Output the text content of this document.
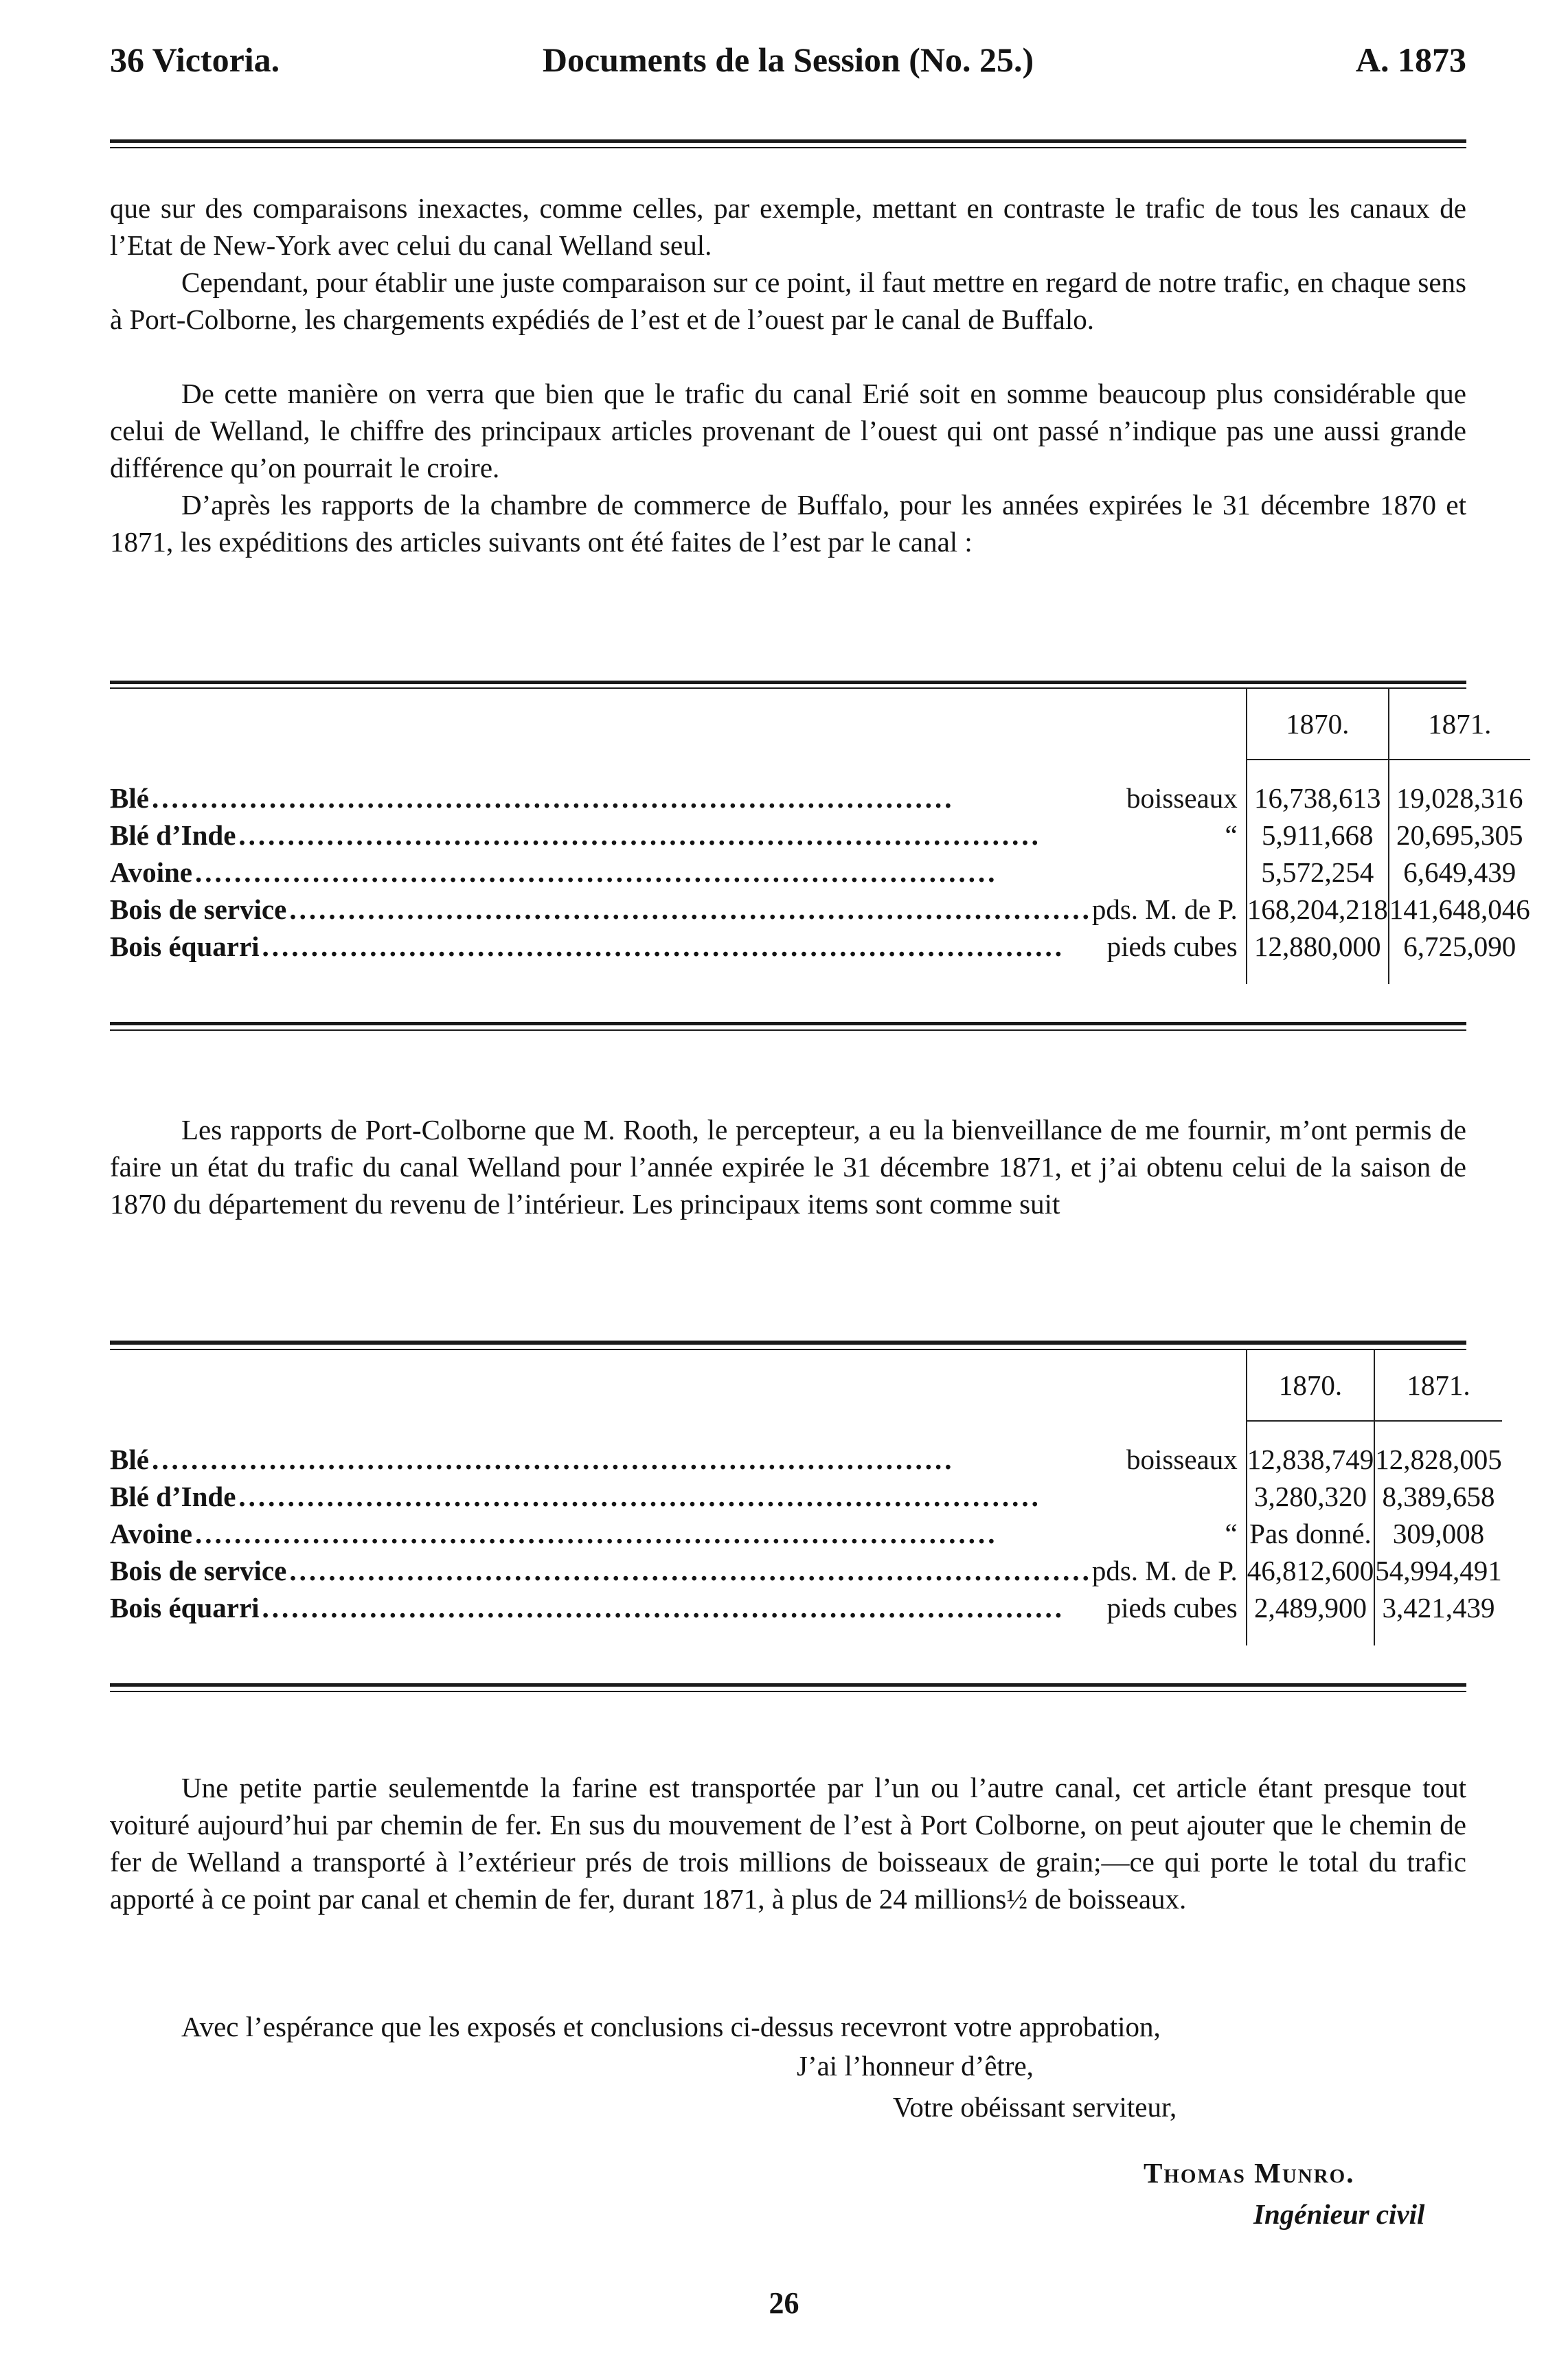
36 Victoria.	Documents de la Session (No. 25.)	A. 1873

que sur des comparaisons inexactes, comme celles, par exemple, mettant en contraste le trafic de tous les canaux de l’Etat de New-York avec celui du canal Welland seul.

Cependant, pour établir une juste comparaison sur ce point, il faut mettre en regard de notre trafic, en chaque sens à Port-Colborne, les chargements expédiés de l’est et de l’ouest par le canal de Buffalo.

De cette manière on verra que bien que le trafic du canal Erié soit en somme beaucoup plus considérable que celui de Welland, le chiffre des principaux articles provenant de l’ouest qui ont passé n’indique pas une aussi grande différence qu’on pourrait le croire.

D’après les rapports de la chambre de commerce de Buffalo, pour les années expirées le 31 décembre 1870 et 1871, les expéditions des articles suivants ont été faites de l’est par le canal :

		1870.	1871.

Blé..................................................................................	boisseaux	16,738,613	19,028,316
Blé d’Inde..................................................................................	“	5,911,668	20,695,305
Avoine..................................................................................		5,572,254	6,649,439
Bois de service..................................................................................	pds. M. de P.	168,204,218	141,648,046
Bois équarri..................................................................................	pieds cubes	12,880,000	6,725,090

Les rapports de Port-Colborne que M. Rooth, le percepteur, a eu la bienveillance de me fournir, m’ont permis de faire un état du trafic du canal Welland pour l’année expirée le 31 décembre 1871, et j’ai obtenu celui de la saison de 1870 du département du revenu de l’intérieur. Les principaux items sont comme suit

		1870.	1871.

Blé..................................................................................	boisseaux	12,838,749	12,828,005
Blé d’Inde..................................................................................		3,280,320	8,389,658
Avoine..................................................................................	“	Pas donné.	309,008
Bois de service..................................................................................	pds. M. de P.	46,812,600	54,994,491
Bois équarri..................................................................................	pieds cubes	2,489,900	3,421,439

Une petite partie seulementde la farine est transportée par l’un ou l’autre canal, cet article étant presque tout voituré aujourd’hui par chemin de fer. En sus du mouvement de l’est à Port Colborne, on peut ajouter que le chemin de fer de Welland a transporté à l’extérieur prés de trois millions de boisseaux de grain;—ce qui porte le total du trafic apporté à ce point par canal et chemin de fer, durant 1871, à plus de 24 millions½ de boisseaux.

Avec l’espérance que les exposés et conclusions ci-dessus recevront votre approbation,

J’ai l’honneur d’être,
Votre obéissant serviteur,
Thomas Munro.
Ingénieur civil
26
